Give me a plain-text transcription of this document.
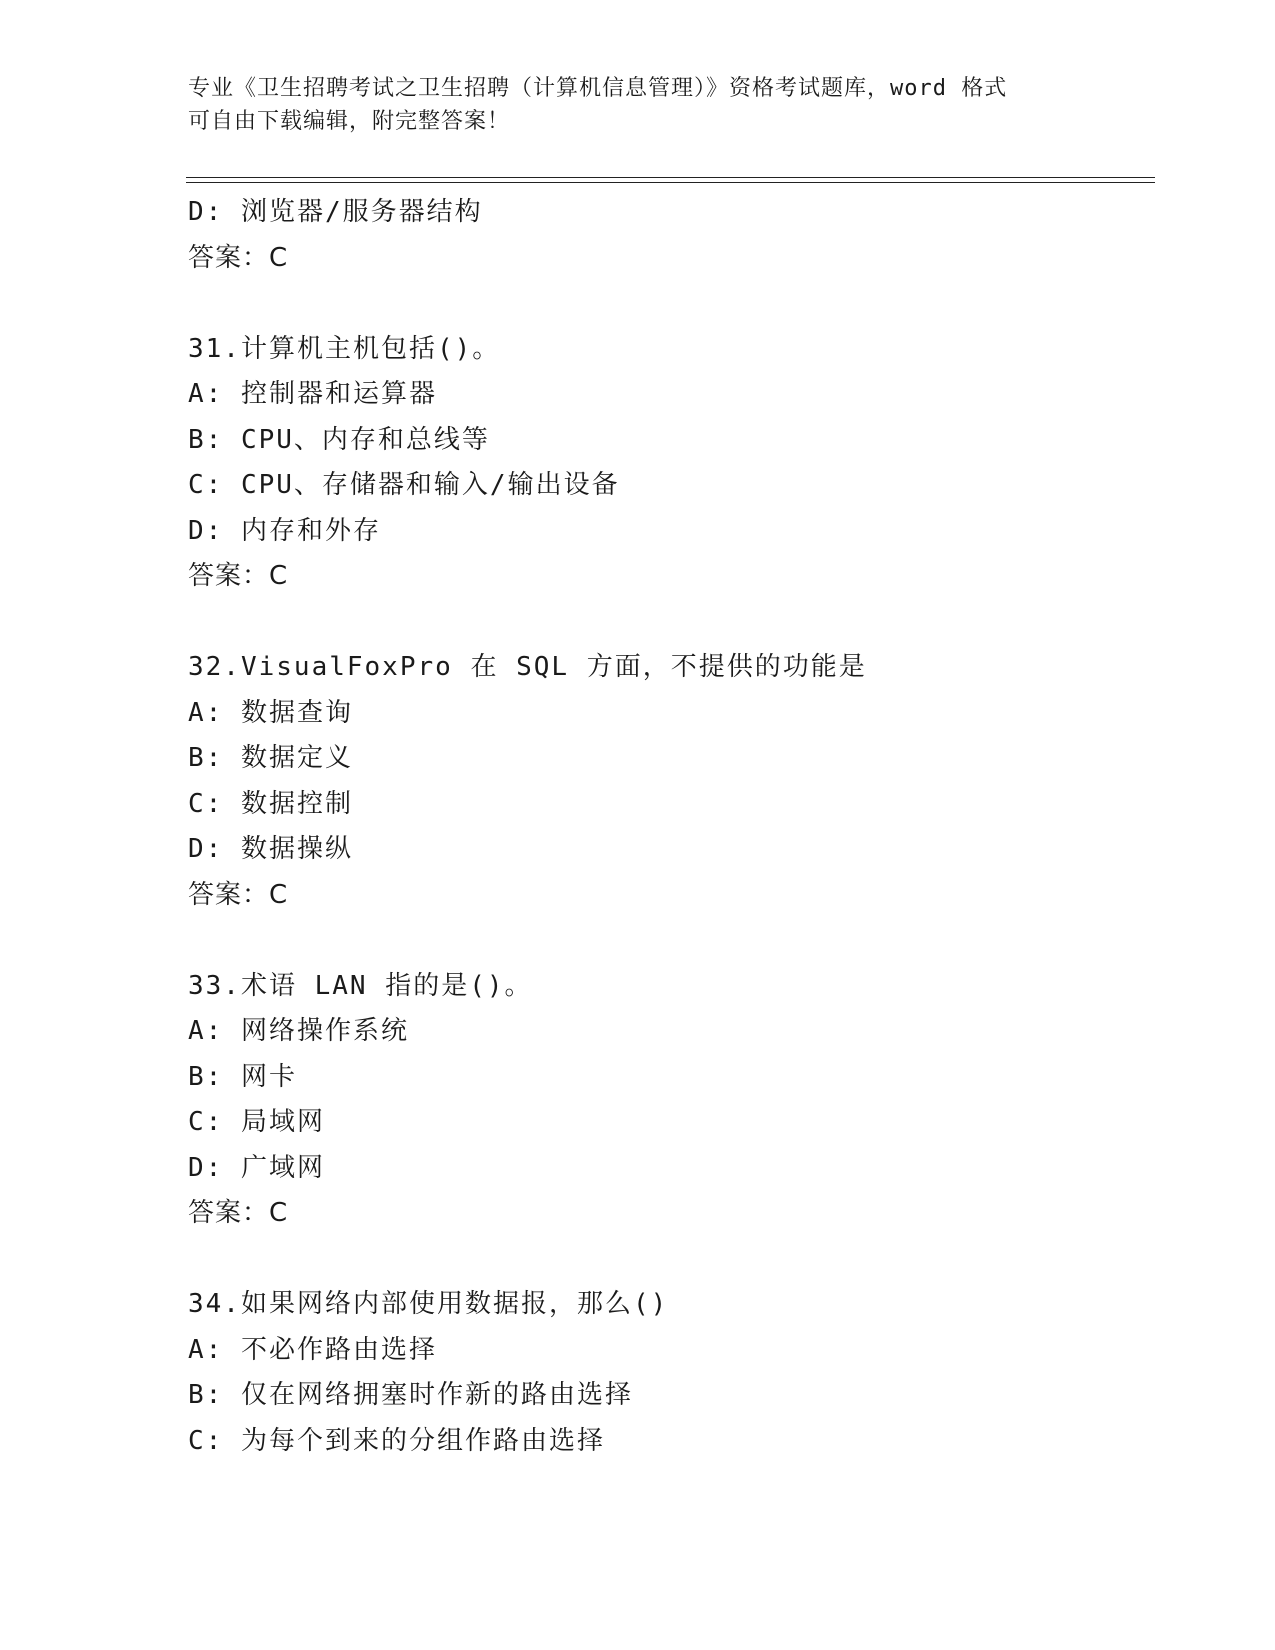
专业《卫生招聘考试之卫生招聘（计算机信息管理）》资格考试题库，word 格式
可自由下载编辑，附完整答案！
D: 浏览器/服务器结构
答案：C
31.计算机主机包括()。
A: 控制器和运算器
B: CPU、内存和总线等
C: CPU、存储器和输入/输出设备
D: 内存和外存
答案：C
32.VisualFoxPro 在 SQL 方面，不提供的功能是
A: 数据查询
B: 数据定义
C: 数据控制
D: 数据操纵
答案：C
33.术语 LAN 指的是()。
A: 网络操作系统
B: 网卡
C: 局域网
D: 广域网
答案：C
34.如果网络内部使用数据报，那么()
A: 不必作路由选择
B: 仅在网络拥塞时作新的路由选择
C: 为每个到来的分组作路由选择
